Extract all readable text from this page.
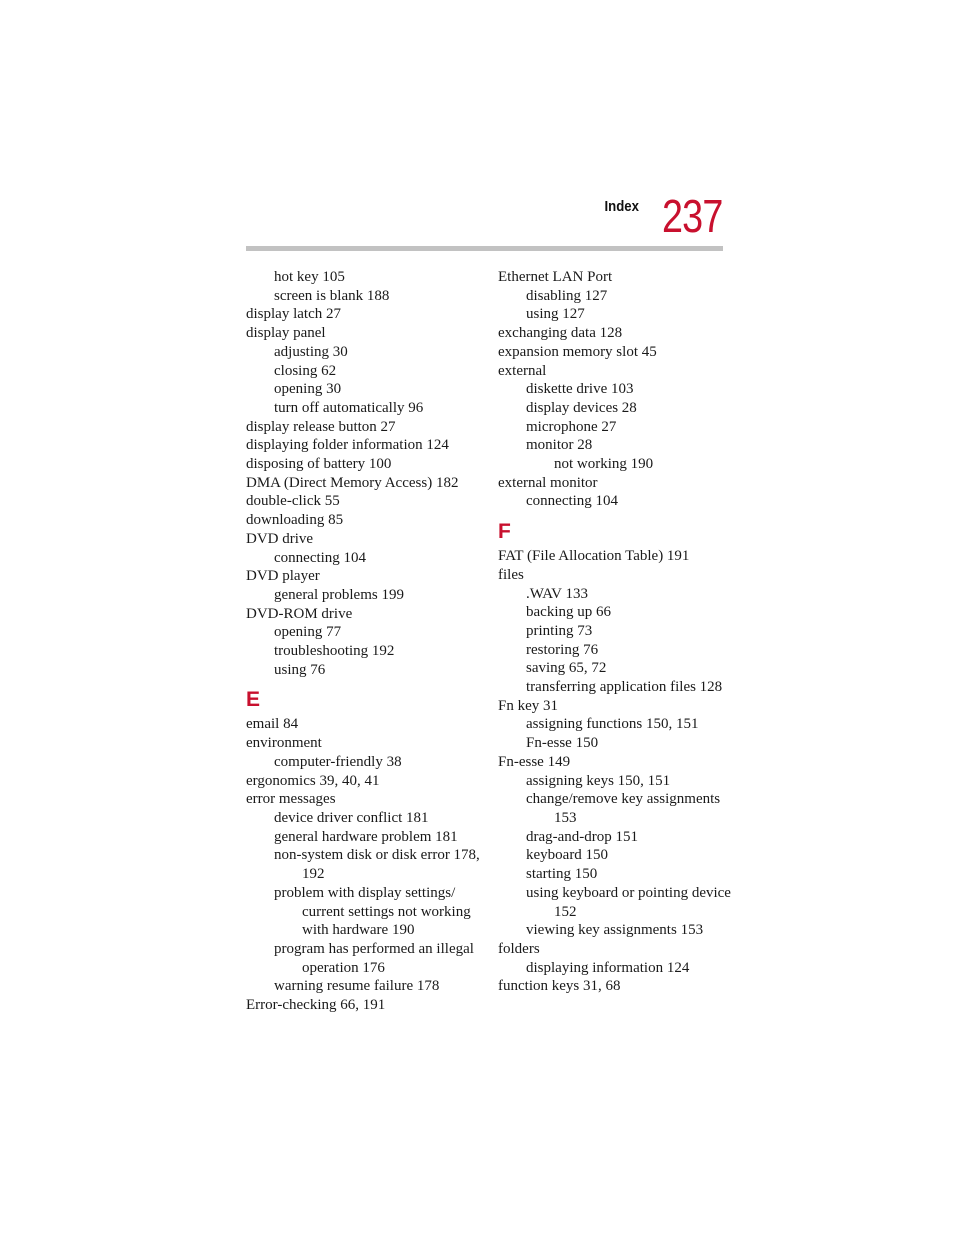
Index 237
hot key 105
screen is blank 188
display latch 27
display panel
adjusting 30
closing 62
opening 30
turn off automatically 96
display release button 27
displaying folder information 124
disposing of battery 100
DMA (Direct Memory Access) 182
double-click 55
downloading 85
DVD drive
connecting 104
DVD player
general problems 199
DVD-ROM drive
opening 77
troubleshooting 192
using 76
E
email 84
environment
computer-friendly 38
ergonomics 39, 40, 41
error messages
device driver conflict 181
general hardware problem 181
non-system disk or disk error 178,
192
problem with display settings/
current settings not working
with hardware 190
program has performed an illegal
operation 176
warning resume failure 178
Error-checking 66, 191
Ethernet LAN Port
disabling 127
using 127
exchanging data 128
expansion memory slot 45
external
diskette drive 103
display devices 28
microphone 27
monitor 28
not working 190
external monitor
connecting 104
F
FAT (File Allocation Table) 191
files
.WAV 133
backing up 66
printing 73
restoring 76
saving 65, 72
transferring application files 128
Fn key 31
assigning functions 150, 151
Fn-esse 150
Fn-esse 149
assigning keys 150, 151
change/remove key assignments
153
drag-and-drop 151
keyboard 150
starting 150
using keyboard or pointing device
152
viewing key assignments 153
folders
displaying information 124
function keys 31, 68
